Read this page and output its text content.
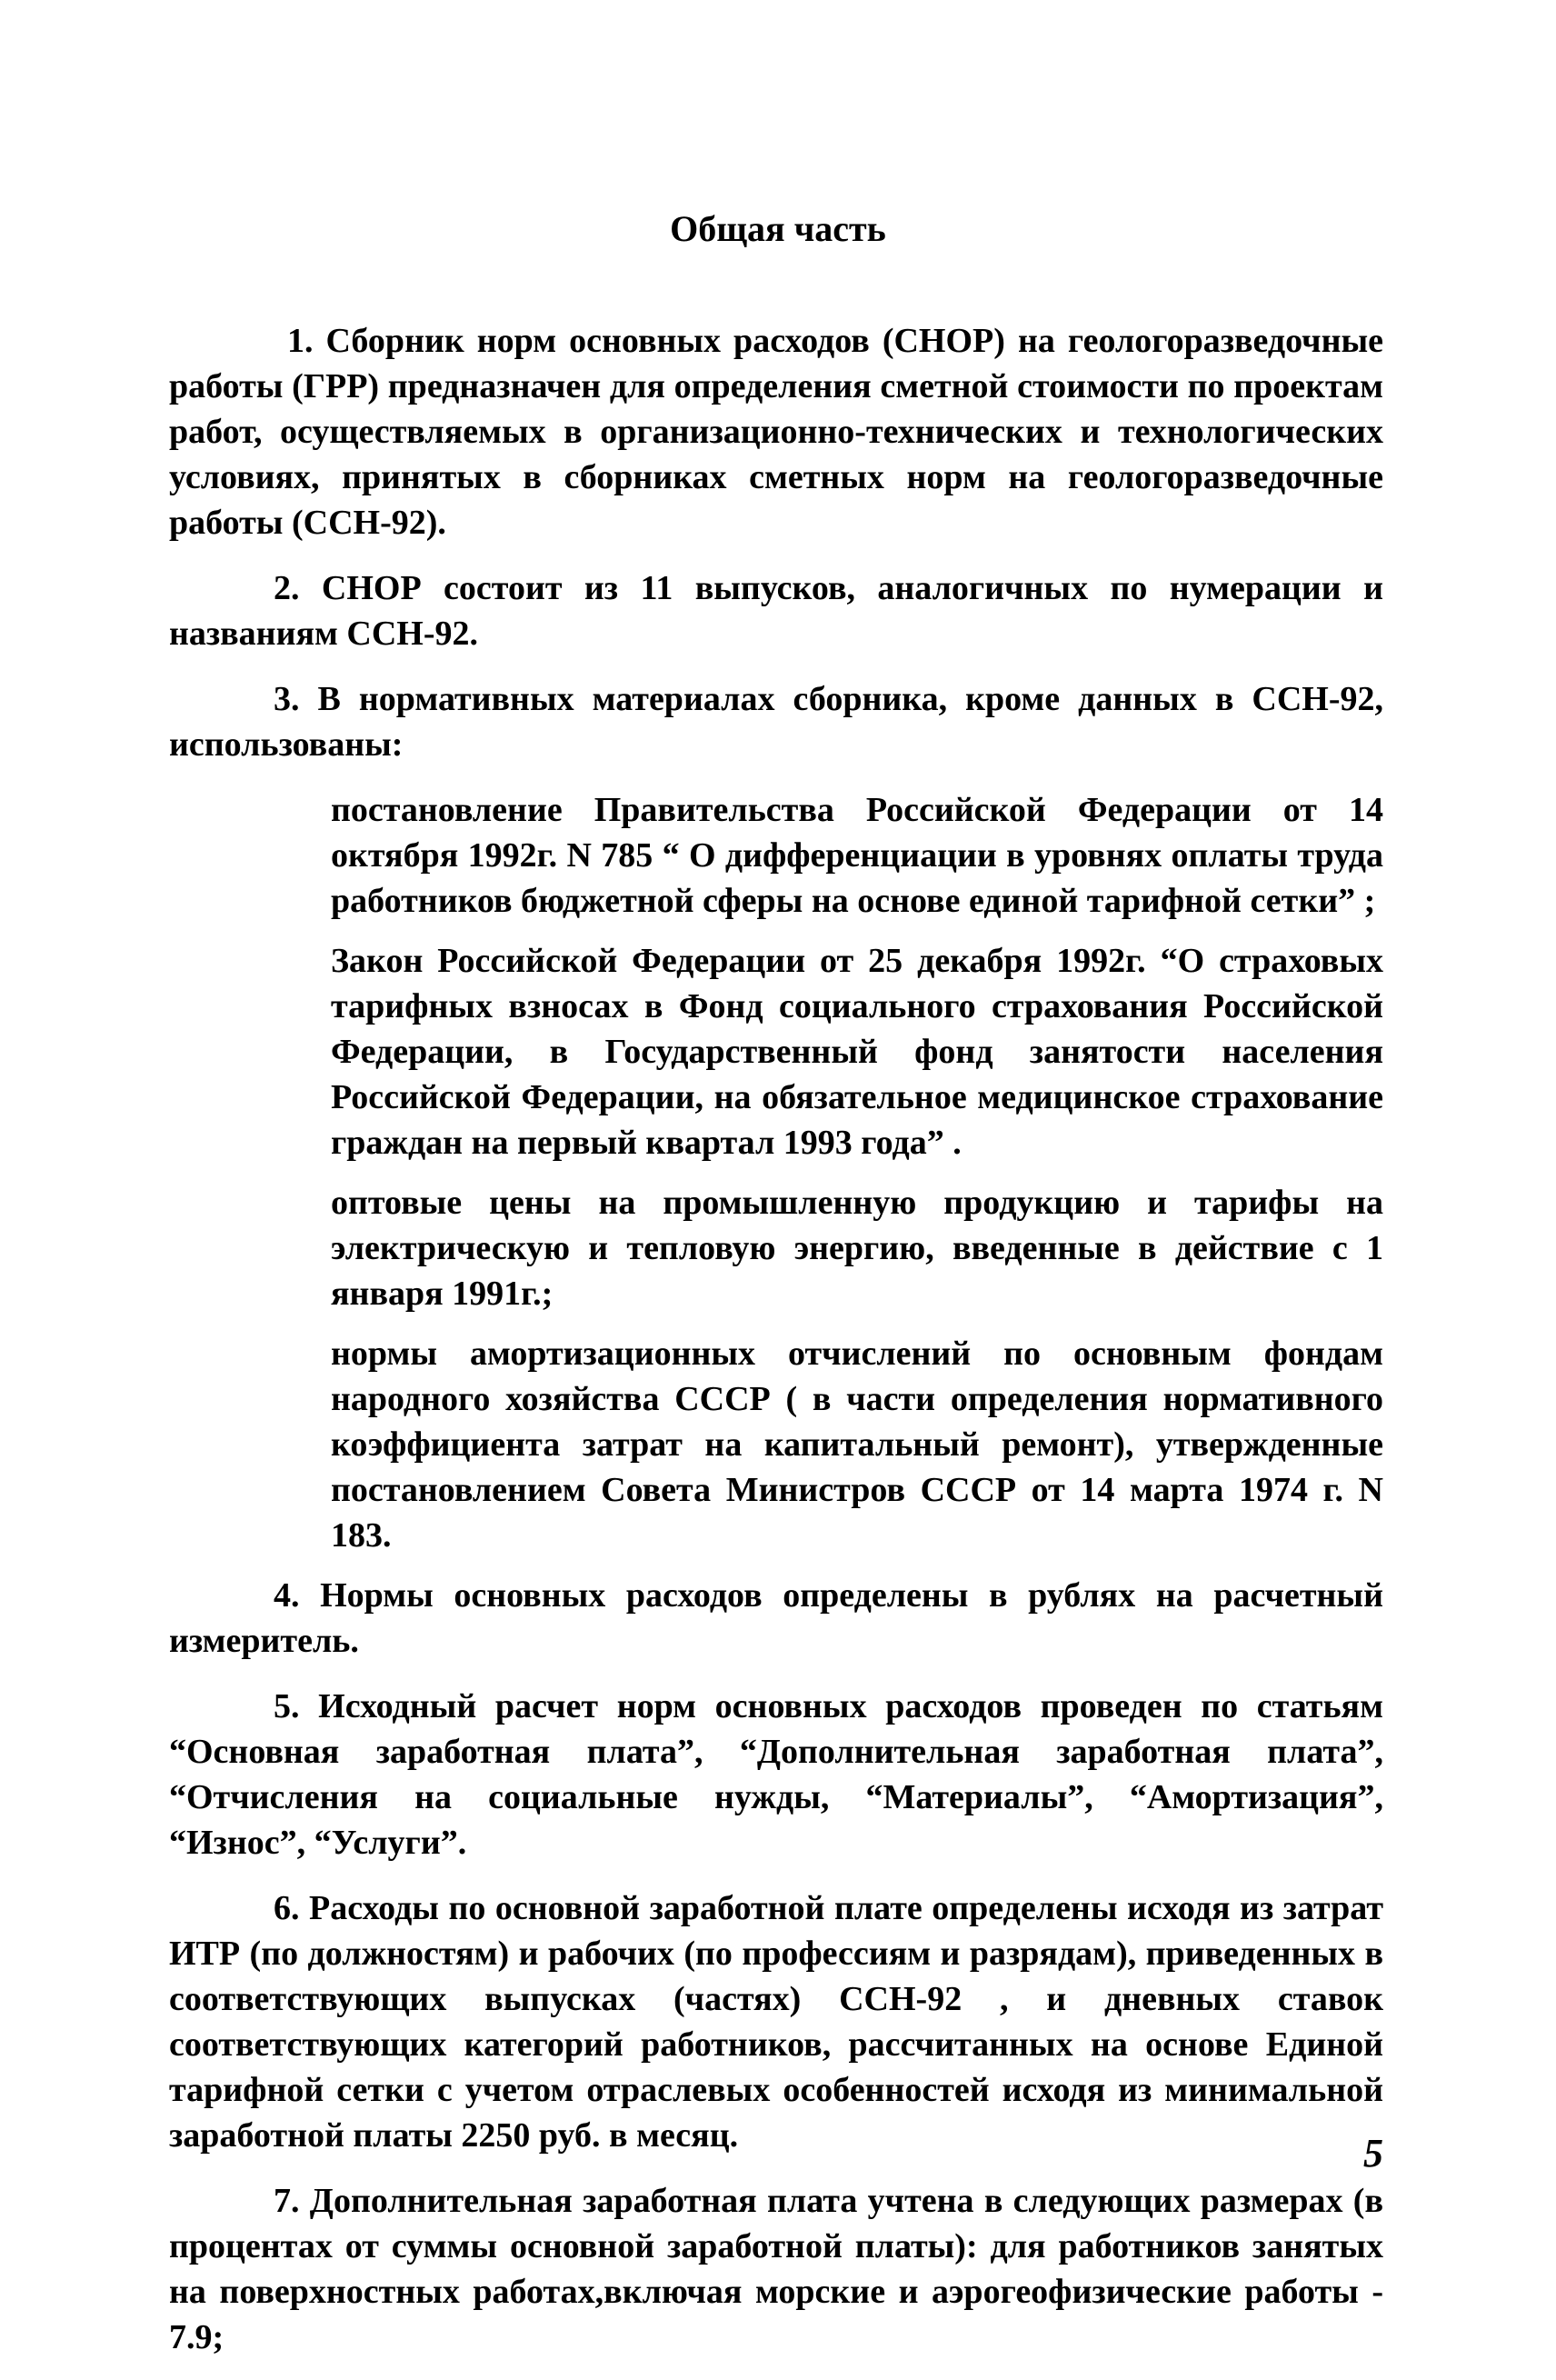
Общая часть

1. Сборник норм основных расходов (СНОР) на геологоразведочные работы (ГРР) предназначен для определения сметной стоимости по проектам работ, осуществляемых в организационно-технических и технологических условиях, принятых в сборниках сметных норм на геологоразведочные работы (ССН-92).

2. СНОР состоит из 11 выпусков, аналогичных по нумерации и названиям ССН-92.

3. В нормативных материалах сборника, кроме данных в ССН-92, использованы:

постановление Правительства Российской Федерации от 14 октября 1992г. N 785 “ О дифференциации в уровнях оплаты труда работников бюджетной сферы на основе единой тарифной сетки” ;

Закон Российской Федерации от 25 декабря 1992г. “О страховых тарифных взносах в Фонд социального страхования Российской Федерации, в Государственный фонд занятости населения Российской Федерации, на обязательное медицинское страхование граждан на первый квартал 1993 года” .

оптовые цены на промышленную продукцию и тарифы на электрическую и тепловую энергию, введенные в действие с 1 января 1991г.;

нормы амортизационных отчислений по основным фондам народного хозяйства СССР ( в части определения нормативного коэффициента затрат на капитальный ремонт), утвержденные постановлением Совета Министров СССР от 14 марта 1974 г. N 183.

4. Нормы основных расходов определены в рублях на расчетный измеритель.

5. Исходный расчет норм основных расходов проведен по статьям “Основная заработная плата”, “Дополнительная заработная плата”, “Отчисления на социальные нужды, “Материалы”, “Амортизация”, “Износ”, “Услуги”.

6. Расходы по основной заработной плате определены исходя из затрат ИТР (по должностям) и рабочих (по профессиям и разрядам), приведенных в соответствующих выпусках (частях) ССН-92 , и дневных ставок соответствующих категорий работников, рассчитанных на основе Единой тарифной сетки с учетом отраслевых особенностей исходя из минимальной заработной платы 2250 руб. в месяц.

7. Дополнительная заработная плата учтена в следующих размерах (в процентах от суммы основной заработной платы): для работников занятых на поверхностных работах,включая морские и аэрогеофизические работы - 7.9;

5
